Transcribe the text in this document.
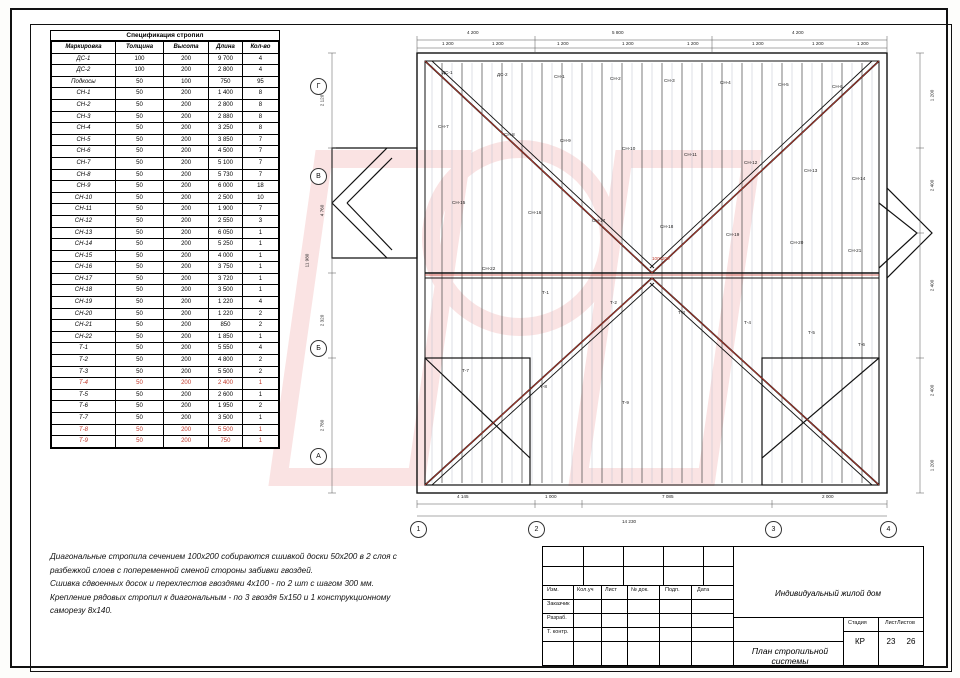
Спецификация стропил
Маркировка	Толщина	Высота	Длина	Кол-во
ДС-1	100	200	9 700	4
ДС-2	100	200	2 800	4
Подкосы	50	100	750	95
СН-1	50	200	1 400	8
СН-2	50	200	2 800	8
СН-3	50	200	2 880	8
СН-4	50	200	3 250	8
СН-5	50	200	3 850	7
СН-6	50	200	4 500	7
СН-7	50	200	5 100	7
СН-8	50	200	5 730	7
СН-9	50	200	6 000	18
СН-10	50	200	2 500	10
СН-11	50	200	1 900	7
СН-12	50	200	2 550	3
СН-13	50	200	6 050	1
СН-14	50	200	5 250	1
СН-15	50	200	4 000	1
СН-16	50	200	3 750	1
СН-17	50	200	3 720	1
СН-18	50	200	3 500	1
СН-19	50	200	1 220	4
СН-20	50	200	1 220	2
СН-21	50	200	850	2
СН-22	50	200	1 850	1
Т-1	50	200	5 550	4
Т-2	50	200	4 800	2
Т-3	50	200	5 500	2
Т-4	50	200	2 400	1
Т-5	50	200	2 600	1
Т-6	50	200	1 950	2
Т-7	50	200	3 500	1
Т-8	50	200	5 500	1
Т-9	50	200	750	1
Г
В
Б
А
1	2	3	4
4 200	5 800	4 200
1 200	1 200	1 200	1 200	1 200	1 200	1 200	1 200
4 145	1 000	7 085	2 000
14 230
2 120
4 760
2 320
2 780
11 980
1 200
2 400
2 400
2 400
1 200
ДС-1	ДС-2	СН-1	СН-2	СН-3	СН-4	СН-5	СН-6
СН-7
СН-8
СН-9
СН-10
СН-11
СН-12
СН-13
СН-14
СН-15
СН-16
СН-17
СН-18
СН-19
СН-20
СН-21
СН-22
Т-1
Т-2
Т-3
Т-4
Т-5
Т-6
Т-7
Т-8
Т-9
100х200
Диагональные стропила сечением 100х200 собираются сшивкой доски 50х200 в 2 слоя с
разбежкой слоев с попеременной сменой стороны забивки гвоздей.
Сшивка сдвоенных досок и перехлестов гвоздями 4х100 - по 2 шт с шагом 300 мм.
Крепление рядовых стропил к диагональным - по 3 гвоздя 5х150 и 1 конструкционному
саморезу 8х140.
Изм.	Кол.уч	Лист	№ док.	Подп.	Дата
Заказчик
Разраб.
Т. контр.
Индивидуальный жилой дом
План стропильной системы
Стадия	Лист Листов
КР	23	26
